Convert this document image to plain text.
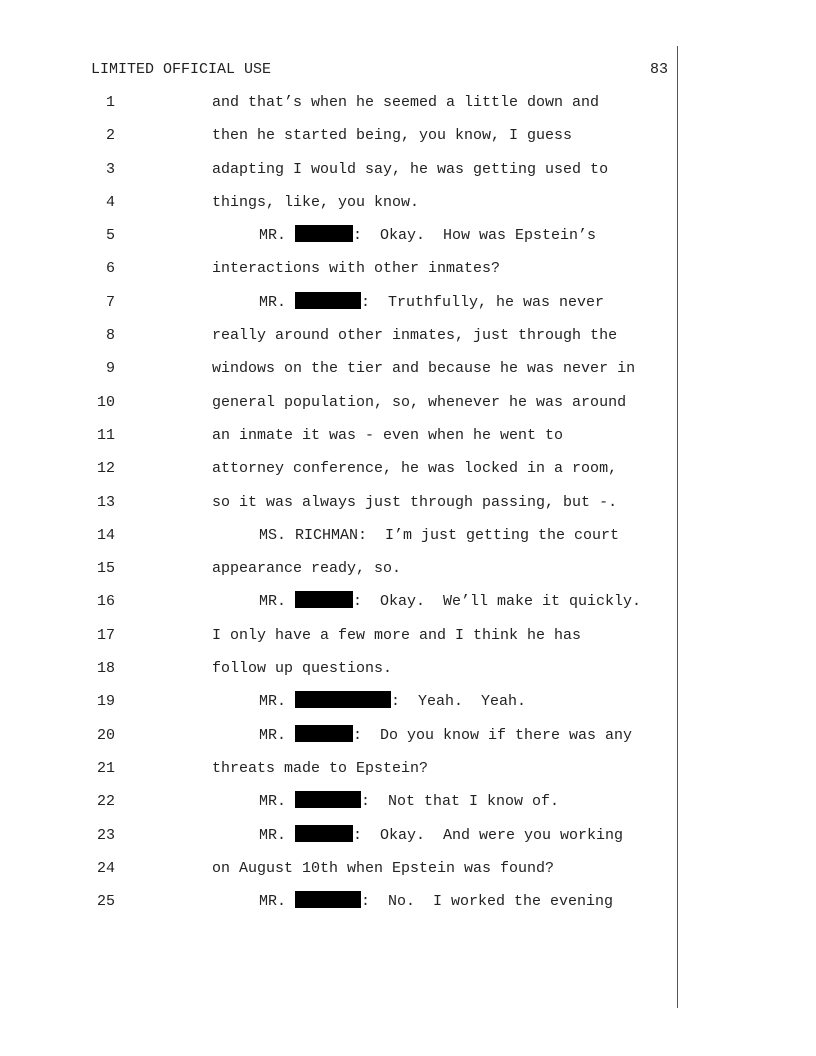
LIMITED OFFICIAL USE	83
1	and that’s when he seemed a little down and
2	then he started being, you know, I guess
3	adapting I would say, he was getting used to
4	things, like, you know.
5	MR.	:  Okay.  How was Epstein’s
6	interactions with other inmates?
7	MR.	:  Truthfully, he was never
8	really around other inmates, just through the
9	windows on the tier and because he was never in
10	general population, so, whenever he was around
11	an inmate it was - even when he went to
12	attorney conference, he was locked in a room,
13	so it was always just through passing, but -.
14	MS. RICHMAN:  I’m just getting the court
15	appearance ready, so.
16	MR.	:  Okay.  We’ll make it quickly.
17	I only have a few more and I think he has
18	follow up questions.
19	MR.	:  Yeah.  Yeah.
20	MR.	:  Do you know if there was any
21	threats made to Epstein?
22	MR.	:  Not that I know of.
23	MR.	:  Okay.  And were you working
24	on August 10th when Epstein was found?
25	MR.	:  No.  I worked the evening
